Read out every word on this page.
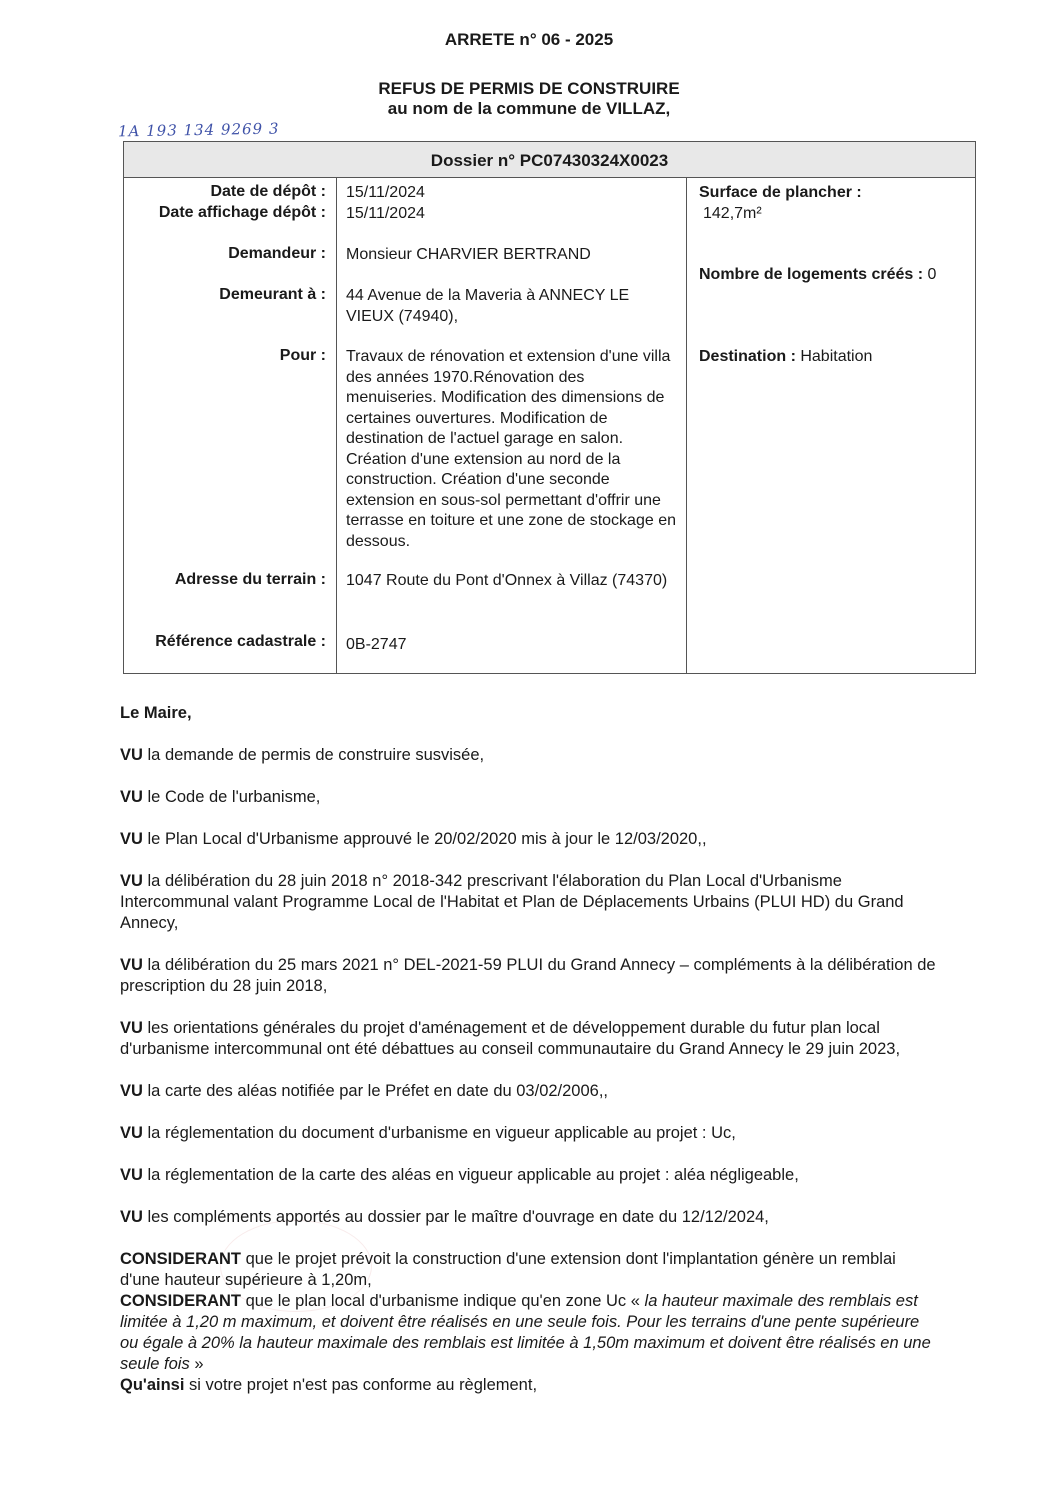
ARRETE n° 06 - 2025
REFUS DE PERMIS DE CONSTRUIRE
au nom de la commune de VILLAZ,
1A 193 134 9269 3
Dossier n° PC07430324X0023
Date de dépôt :
Date affichage dépôt :
Demandeur :
Demeurant à :
Pour :
Adresse du terrain :
Référence cadastrale :
15/11/2024
15/11/2024
Monsieur CHARVIER BERTRAND
44 Avenue de la Maveria à ANNECY LE VIEUX (74940),
Travaux de rénovation et extension d'une villa des années 1970.Rénovation des menuiseries. Modification des dimensions de certaines ouvertures. Modification de destination de l'actuel garage en salon. Création d'une extension au nord de la construction. Création d'une seconde extension en sous-sol permettant d'offrir une terrasse en toiture et une zone de stockage en dessous.
1047 Route du Pont d'Onnex à Villaz (74370)
0B-2747
Surface de plancher :
142,7m²
Nombre de logements créés : 0
Destination : Habitation

Le Maire,

VU la demande de permis de construire susvisée,

VU le Code de l'urbanisme,

VU le Plan Local d'Urbanisme approuvé le 20/02/2020 mis à jour le 12/03/2020,,

VU la délibération du 28 juin 2018 n° 2018-342 prescrivant l'élaboration du Plan Local d'Urbanisme Intercommunal valant Programme Local de l'Habitat et Plan de Déplacements Urbains (PLUI HD) du Grand Annecy,

VU la délibération du 25 mars 2021 n° DEL-2021-59 PLUI du Grand Annecy – compléments à la délibération de prescription du 28 juin 2018,

VU les orientations générales du projet d'aménagement et de développement durable du futur plan local d'urbanisme intercommunal ont été débattues au conseil communautaire du Grand Annecy le 29 juin 2023,

VU la carte des aléas notifiée par le Préfet en date du 03/02/2006,,

VU la réglementation du document d'urbanisme en vigueur applicable au projet : Uc,

VU la réglementation de la carte des aléas en vigueur applicable au projet : aléa négligeable,

VU les compléments apportés au dossier par le maître d'ouvrage en date du 12/12/2024,

CONSIDERANT que le projet prévoit la construction d'une extension dont l'implantation génère un remblai d'une hauteur supérieure à 1,20m,

CONSIDERANT que le plan local d'urbanisme indique qu'en zone Uc « la hauteur maximale des remblais est limitée à 1,20 m maximum, et doivent être réalisés en une seule fois. Pour les terrains d'une pente supérieure ou égale à 20% la hauteur maximale des remblais est limitée à 1,50m maximum et doivent être réalisés en une seule fois »

Qu'ainsi si votre projet n'est pas conforme au règlement,
